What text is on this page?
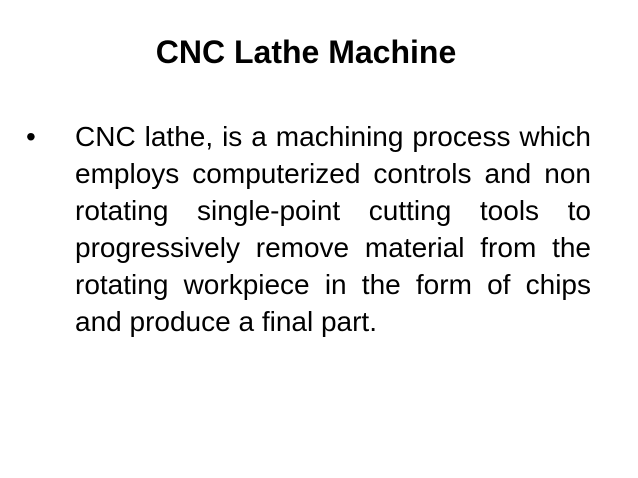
CNC Lathe Machine
• CNC lathe, is a machining process which employs computerized controls and non rotating single-point cutting tools to progressively remove material from the rotating workpiece in the form of chips and produce a final part.
